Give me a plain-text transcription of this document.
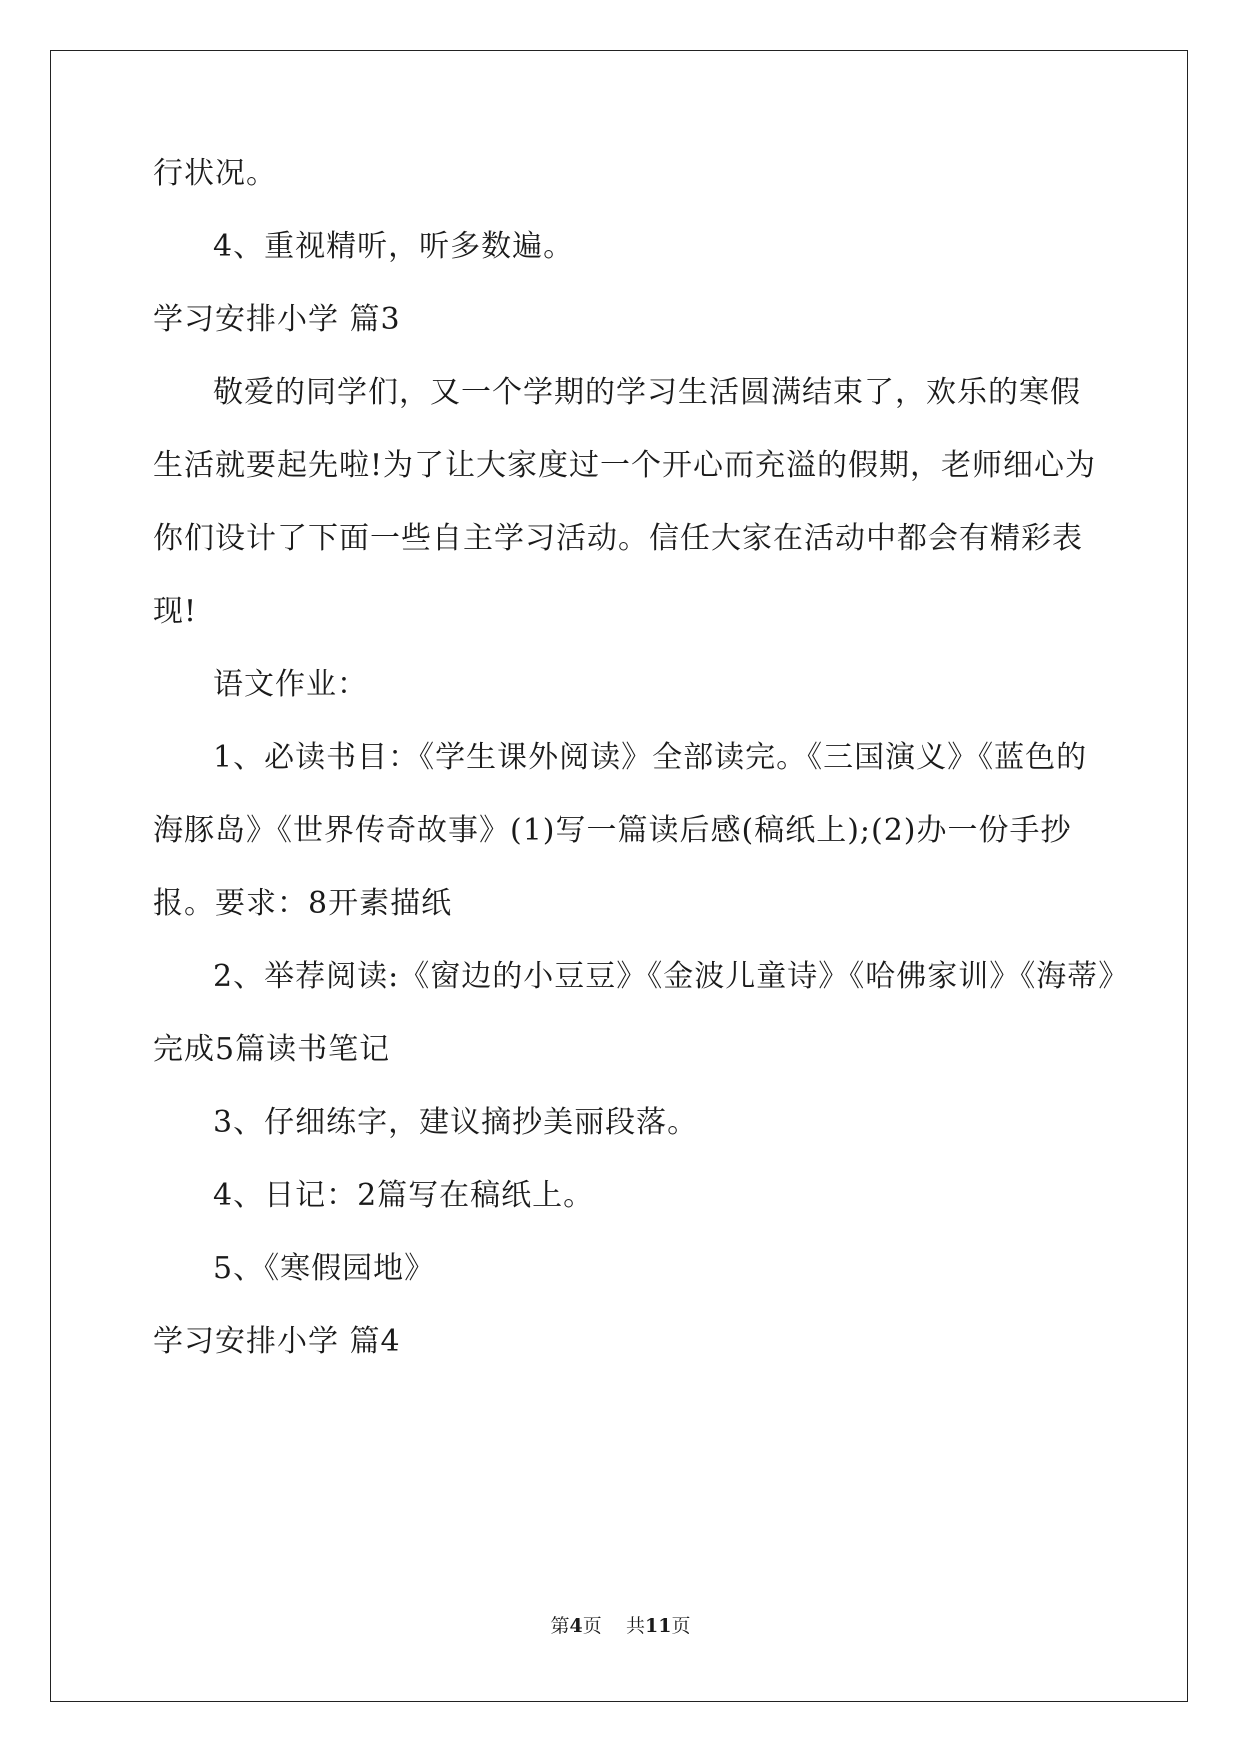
行状况。
4、重视精听，听多数遍。
学习安排小学 篇3
敬爱的同学们，又一个学期的学习生活圆满结束了，欢乐的寒假
生活就要起先啦!为了让大家度过一个开心而充溢的假期，老师细心为
你们设计了下面一些自主学习活动。信任大家在活动中都会有精彩表
现!
语文作业：
1、必读书目：《学生课外阅读》全部读完。《三国演义》《蓝色的
海豚岛》《世界传奇故事》(1)写一篇读后感(稿纸上);(2)办一份手抄
报。要求：8开素描纸
2、举荐阅读:《窗边的小豆豆》《金波儿童诗》《哈佛家训》《海蒂》
完成5篇读书笔记
3、仔细练字，建议摘抄美丽段落。
4、日记：2篇写在稿纸上。
5、《寒假园地》
学习安排小学 篇4
第4页 共11页
